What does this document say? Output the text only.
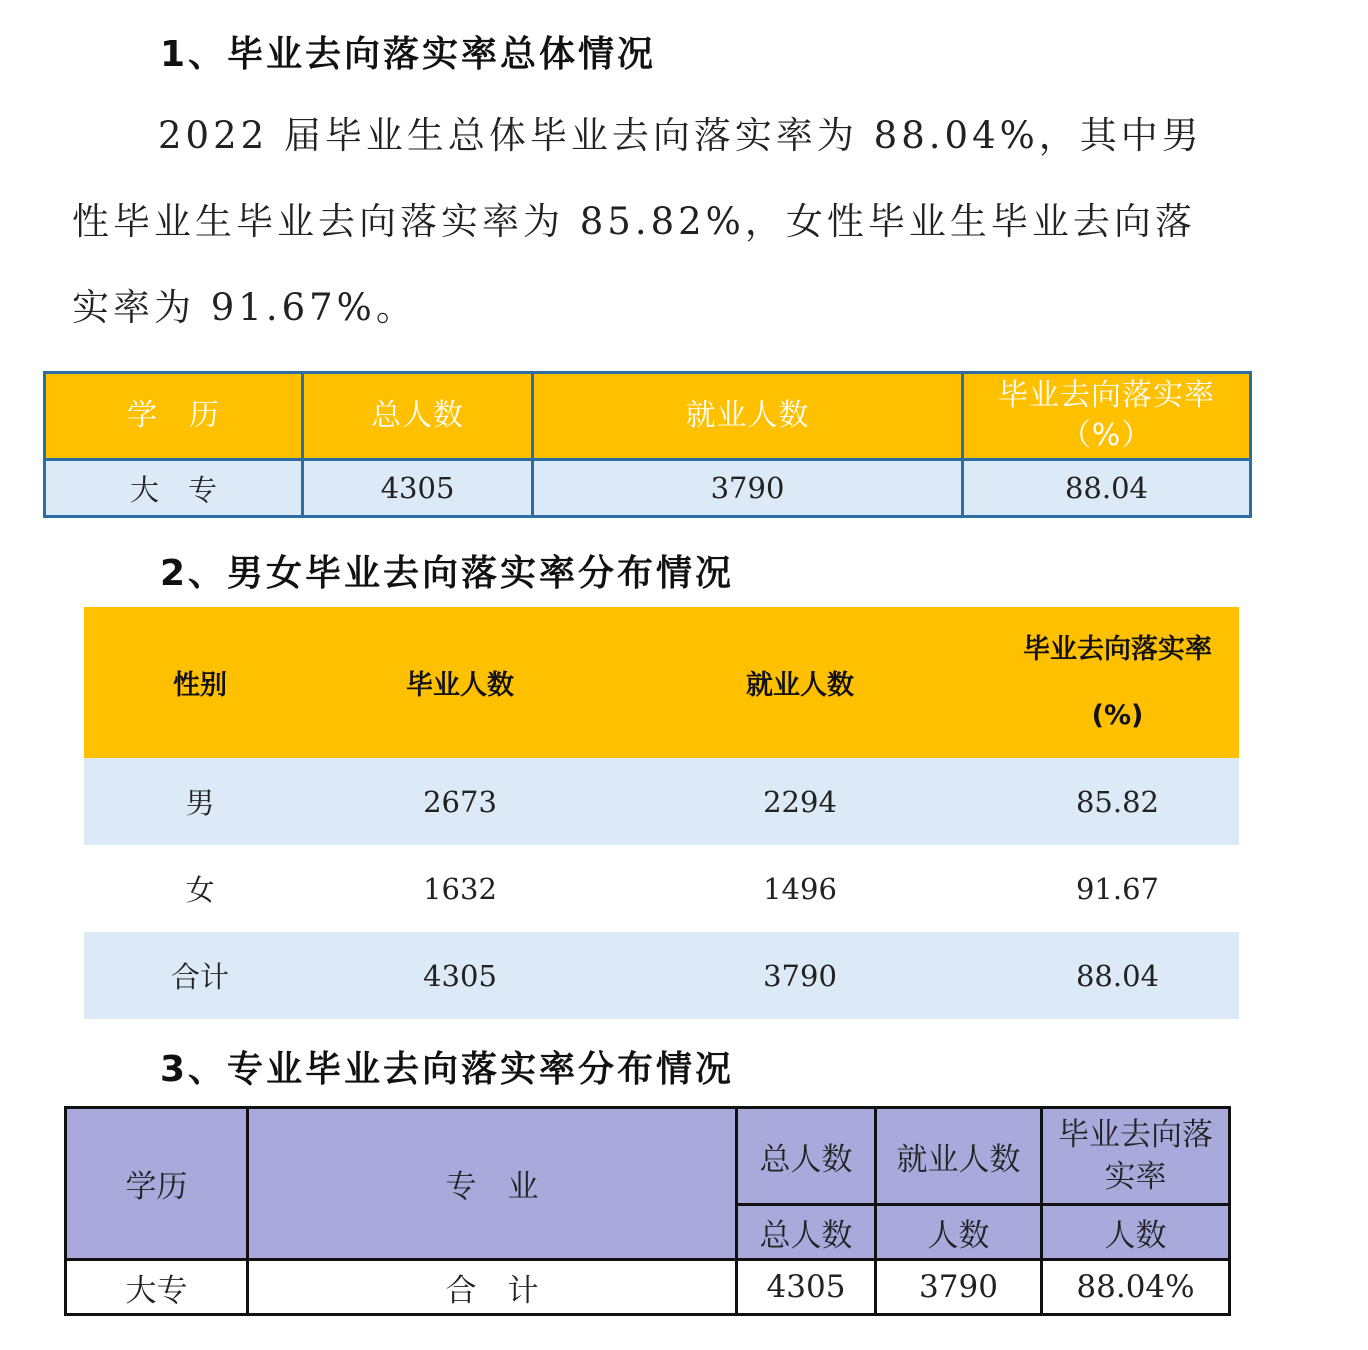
1、毕业去向落实率总体情况
2022 届毕业生总体毕业去向落实率为 88.04%，其中男
性毕业生毕业去向落实率为 85.82%，女性毕业生毕业去向落
实率为 91.67%。
学　历	总人数	就业人数	毕业去向落实率
（%）

大　专	4305	3790	88.04
2、男女毕业去向落实率分布情况
性别	毕业人数	就业人数	毕业去向落实率
(%)

男	2673	2294	85.82
女	1632	1496	91.67
合计	4305	3790	88.04
3、专业毕业去向落实率分布情况
学历	专　业	总人数	就业人数	毕业去向落
实率

		总人数	人数	人数
大专	合　计	4305	3790	88.04%
